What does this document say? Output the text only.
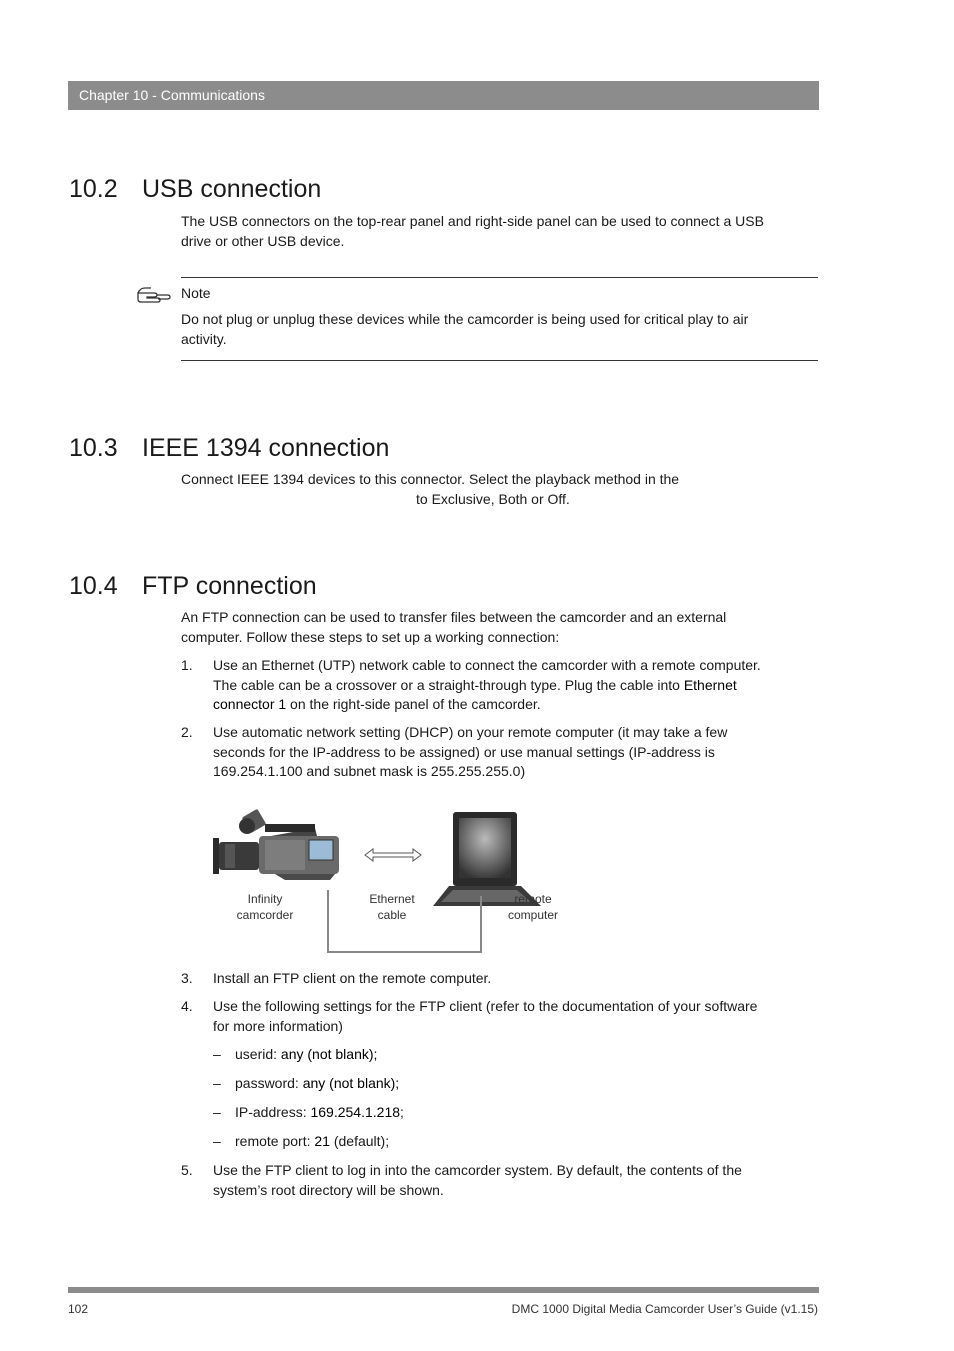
Chapter 10 - Communications
10.2 USB connection
The USB connectors on the top-rear panel and right-side panel can be used to connect a USB
drive or other USB device.
Note
Do not plug or unplug these devices while the camcorder is being used for critical play to air
activity.
10.3 IEEE 1394 connection
Connect IEEE 1394 devices to this connector. Select the playback method in the
to Exclusive, Both or Off.
10.4 FTP connection
An FTP connection can be used to transfer files between the camcorder and an external
computer. Follow these steps to set up a working connection:
1.	Use an Ethernet (UTP) network cable to connect the camcorder with a remote computer.
The cable can be a crossover or a straight-through type. Plug the cable into Ethernet
connector 1 on the right-side panel of the camcorder.
2.	Use automatic network setting (DHCP) on your remote computer (it may take a few
seconds for the IP-address to be assigned) or use manual settings (IP-address is
169.254.1.100 and subnet mask is 255.255.255.0)
Infinity
camcorder
Ethernet
cable
remote
computer
3.	Install an FTP client on the remote computer.
4.	Use the following settings for the FTP client (refer to the documentation of your software
for more information)
– userid: any (not blank);
– password: any (not blank);
– IP-address: 169.254.1.218;
– remote port: 21 (default);
5.	Use the FTP client to log in into the camcorder system. By default, the contents of the
system’s root directory will be shown.
102	DMC 1000 Digital Media Camcorder User’s Guide (v1.15)
